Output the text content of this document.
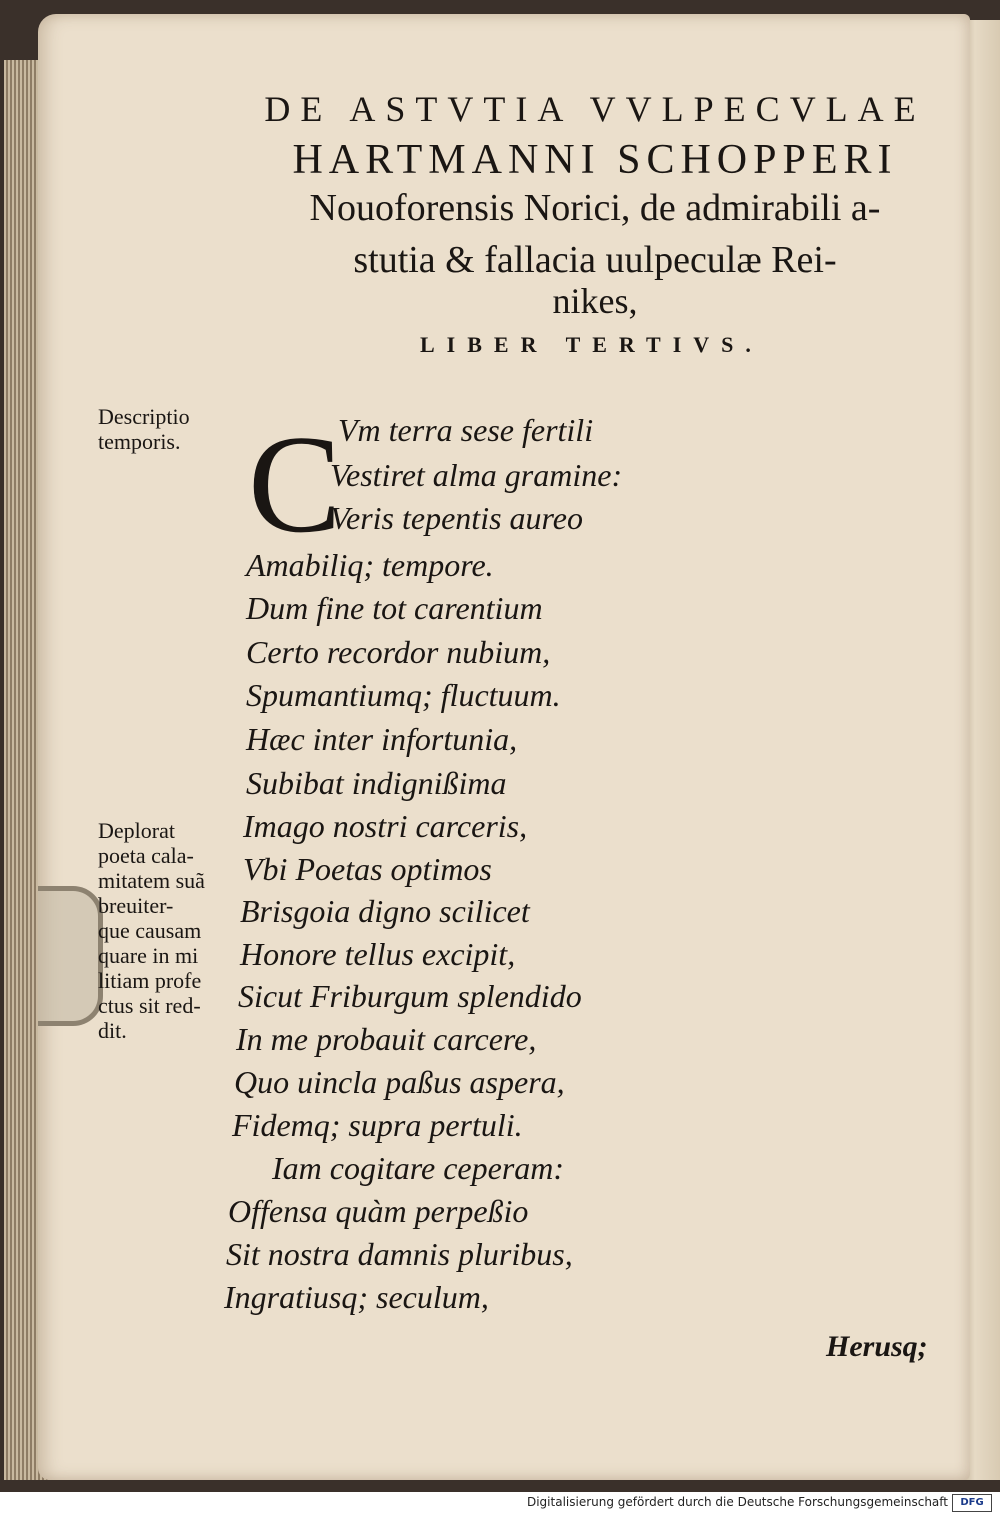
DE ASTVTIA VVLPECVLAE
HARTMANNI SCHOPPERI
Nouoforensis Norici, de admirabili a-
stutia & fallacia uulpeculæ Rei-
nikes,
LIBER TERTIVS.
Descriptio
temporis.
Deplorat
poeta cala-
mitatem suã
breuiter-
que causam
quare in mi
litiam profe
ctus sit red-
dit.
C
Vm terra sese fertili
Vestiret alma gramine:
Veris tepentis aureo
Amabiliq; tempore.
Dum fine tot carentium
Certo recordor nubium,
Spumantiumq; fluctuum.
Hæc inter infortunia,
Subibat indignißima
Imago nostri carceris,
Vbi Poetas optimos
Brisgoia digno scilicet
Honore tellus excipit,
Sicut Friburgum splendido
In me probauit carcere,
Quo uincla paßus aspera,
Fidemq; supra pertuli.
Iam cogitare ceperam:
Offensa quàm perpeßio
Sit nostra damnis pluribus,
Ingratiusq; seculum,
Herusq;
Digitalisierung gefördert durch die Deutsche Forschungsgemeinschaft	DFG
